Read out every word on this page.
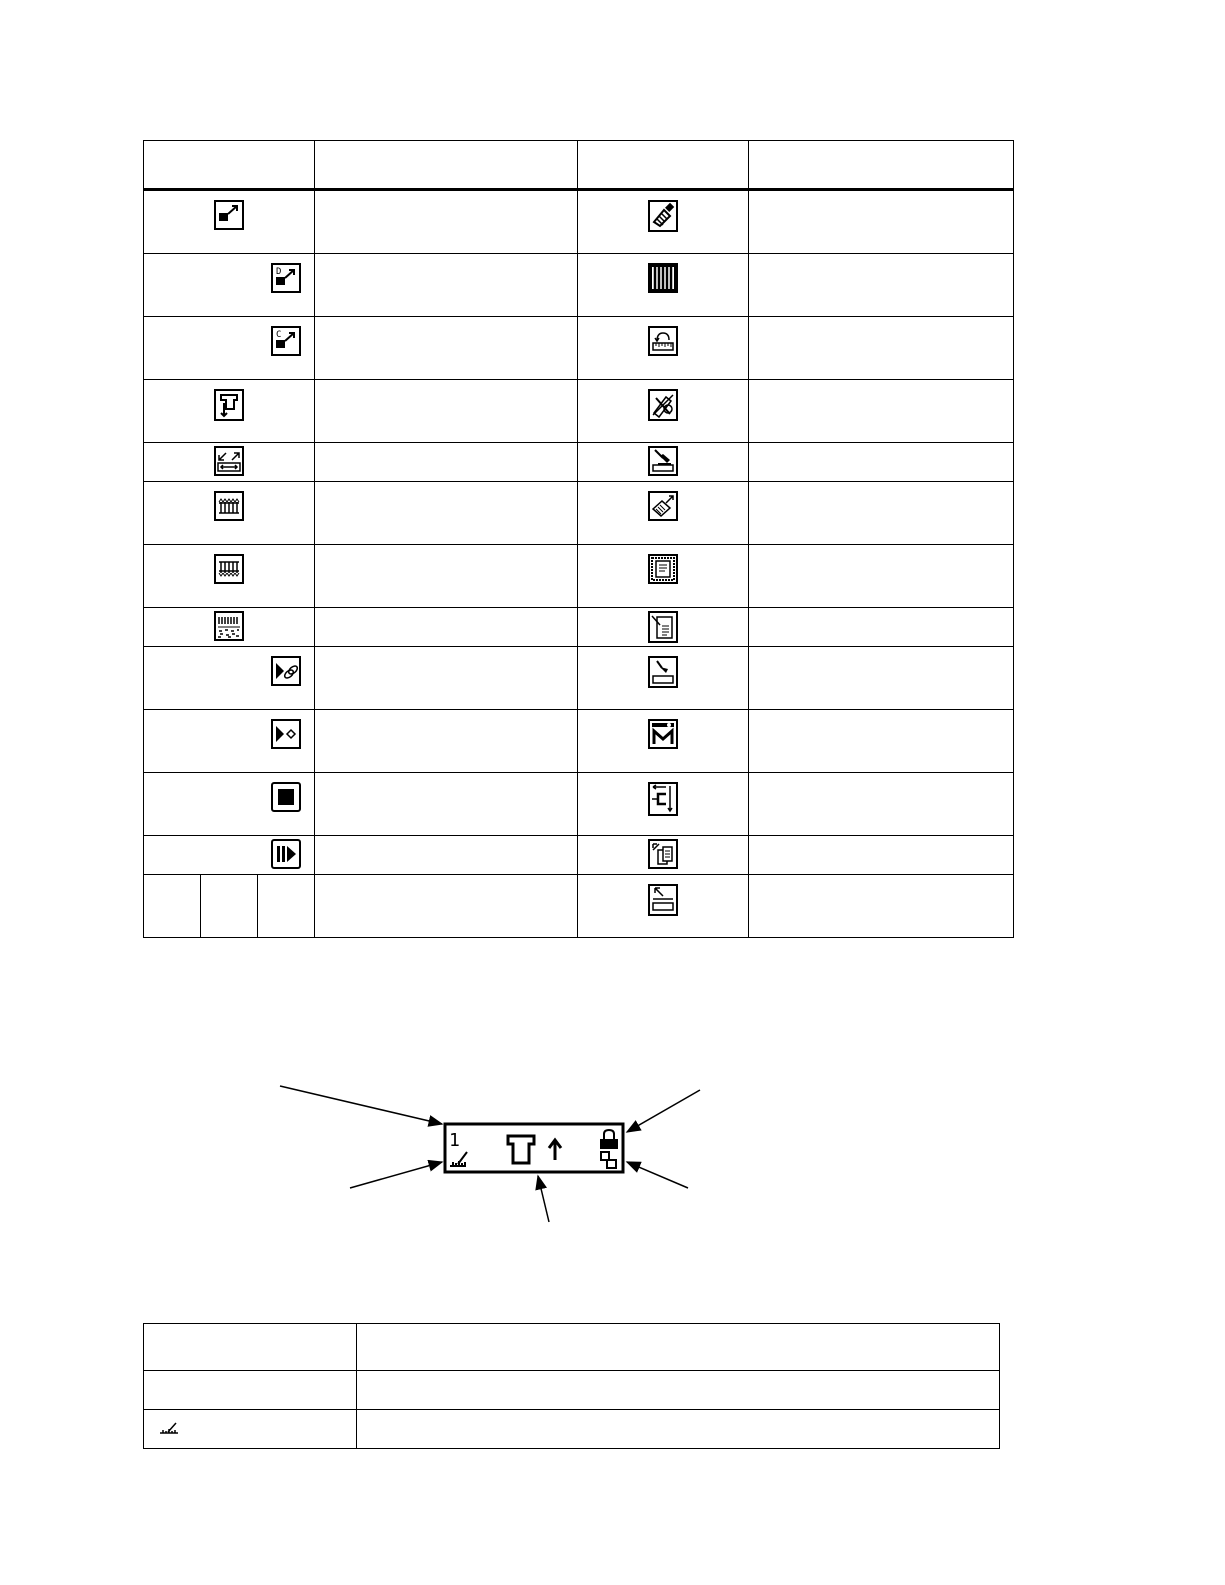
D

C

1
